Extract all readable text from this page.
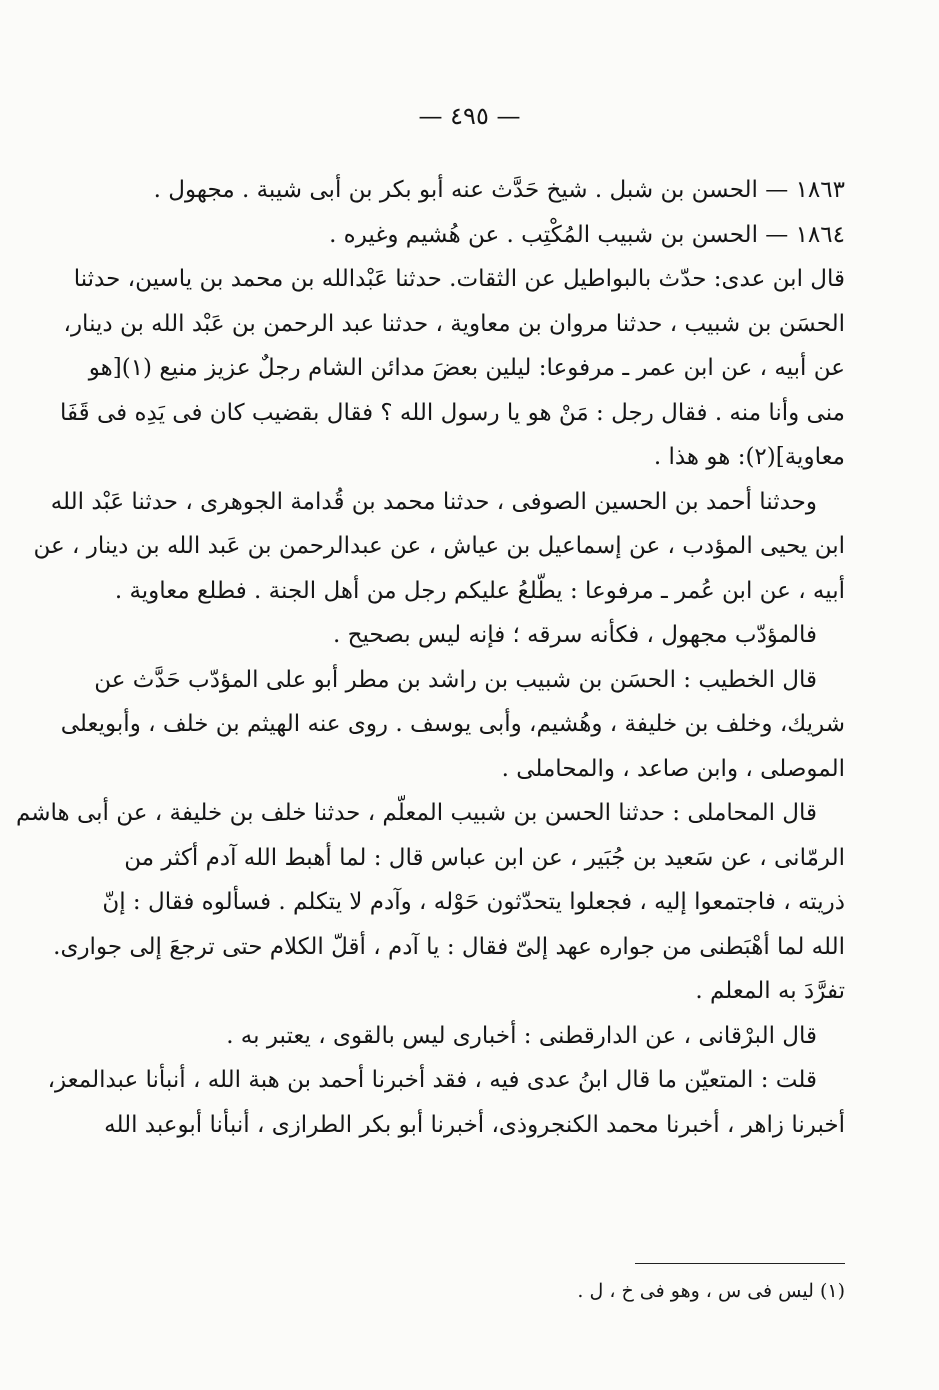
— ٤٩٥ —
١٨٦٣ — الحسن بن شبل . شيخ حَدَّث عنه أبو بكر بن أبى شيبة . مجهول .
١٨٦٤ — الحسن بن شبيب المُكْتِب . عن هُشيم وغيره .
قال ابن عدى: حدّث بالبواطيل عن الثقات. حدثنا عَبْدالله بن محمد بن ياسين، حدثنا
الحسَن بن شبيب ، حدثنا مروان بن معاوية ، حدثنا عبد الرحمن بن عَبْد الله بن دينار،
عن أبيه ، عن ابن عمر ـ مرفوعا: ليلين بعضَ مدائن الشام رجلٌ عزيز منيع (١)[هو
منى وأنا منه . فقال رجل : مَنْ هو يا رسول الله ؟ فقال بقضيب كان فى يَدِه فى قَفَا
معاوية](٢): هو هذا .
وحدثنا أحمد بن الحسين الصوفى ، حدثنا محمد بن قُدامة الجوهرى ، حدثنا عَبْد الله
ابن يحيى المؤدب ، عن إسماعيل بن عياش ، عن عبدالرحمن بن عَبد الله بن دينار ، عن
أبيه ، عن ابن عُمر ـ مرفوعا : يطّلعُ عليكم رجل من أهل الجنة . فطلع معاوية .
فالمؤدّب مجهول ، فكأنه سرقه ؛ فإنه ليس بصحيح .
قال الخطيب : الحسَن بن شبيب بن راشد بن مطر أبو على المؤدّب حَدَّث عن
شريك، وخلف بن خليفة ، وهُشيم، وأبى يوسف . روى عنه الهيثم بن خلف ، وأبويعلى
الموصلى ، وابن صاعد ، والمحاملى .
قال المحاملى : حدثنا الحسن بن شبيب المعلّم ، حدثنا خلف بن خليفة ، عن أبى هاشم
الرمّانى ، عن سَعيد بن جُبَير ، عن ابن عباس قال : لما أهبط الله آدم أكثر من
ذريته ، فاجتمعوا إليه ، فجعلوا يتحدّثون حَوْله ، وآدم لا يتكلم . فسألوه فقال : إنّ
الله لما أهْبَطنى من جواره عهد إلىّ فقال : يا آدم ، أقلّ الكلام حتى ترجعَ إلى جوارى.
تفرَّدَ به المعلم .
قال البرْقانى ، عن الدارقطنى : أخبارى ليس بالقوى ، يعتبر به .
قلت : المتعيّن ما قال ابنُ عدى فيه ، فقد أخبرنا أحمد بن هبة الله ، أنبأنا عبدالمعز،
أخبرنا زاهر ، أخبرنا محمد الكنجروذى، أخبرنا أبو بكر الطرازى ، أنبأنا أبوعبد الله
(١) ليس فى س ، وهو فى خ ، ل .
